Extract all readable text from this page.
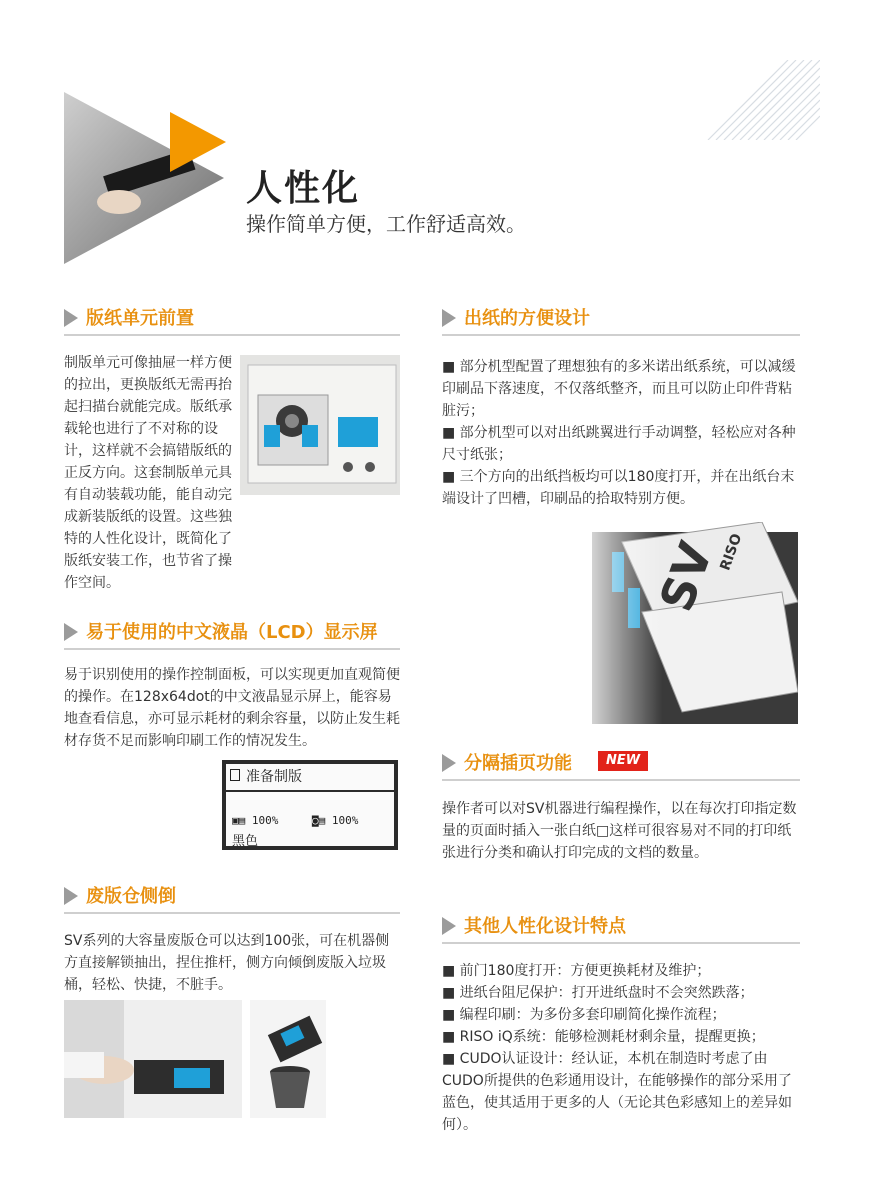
人性化
操作简单方便，工作舒适高效。
版纸单元前置
制版单元可像抽屉一样方便的拉出，更换版纸无需再抬起扫描台就能完成。版纸承载轮也进行了不对称的设计，这样就不会搞错版纸的正反方向。这套制版单元具有自动装载功能，能自动完成新装版纸的设置。这些独特的人性化设计，既简化了版纸安装工作，也节省了操作空间。
易于使用的中文液晶（LCD）显示屏
易于识别使用的操作控制面板，可以实现更加直观简便的操作。在128x64dot的中文液晶显示屏上，能容易地查看信息，亦可显示耗材的剩余容量，以防止发生耗材存货不足而影响印刷工作的情况发生。
准备制版
▣▤ 100%	◙▤ 100%
黑色
废版仓侧倒
SV系列的大容量废版仓可以达到100张，可在机器侧方直接解锁抽出，捏住推杆，侧方向倾倒废版入垃圾桶，轻松、快捷，不脏手。
出纸的方便设计
■ 部分机型配置了理想独有的多米诺出纸系统，可以减缓印刷品下落速度，不仅落纸整齐，而且可以防止印件背粘脏污；
■ 部分机型可以对出纸跳翼进行手动调整，轻松应对各种尺寸纸张；
■ 三个方向的出纸挡板均可以180度打开，并在出纸台末端设计了凹槽，印刷品的拾取特别方便。
分隔插页功能	NEW
操作者可以对SV机器进行编程操作，以在每次打印指定数量的页面时插入一张白纸□这样可很容易对不同的打印纸张进行分类和确认打印完成的文档的数量。
其他人性化设计特点
■ 前门180度打开：方便更换耗材及维护；
■ 进纸台阻尼保护：打开进纸盘时不会突然跌落；
■ 编程印刷：为多份多套印刷简化操作流程；
■ RISO iQ系统：能够检测耗材剩余量，提醒更换；
■ CUDO认证设计：经认证，本机在制造时考虑了由CUDO所提供的色彩通用设计，在能够操作的部分采用了蓝色，使其适用于更多的人（无论其色彩感知上的差异如何）。
